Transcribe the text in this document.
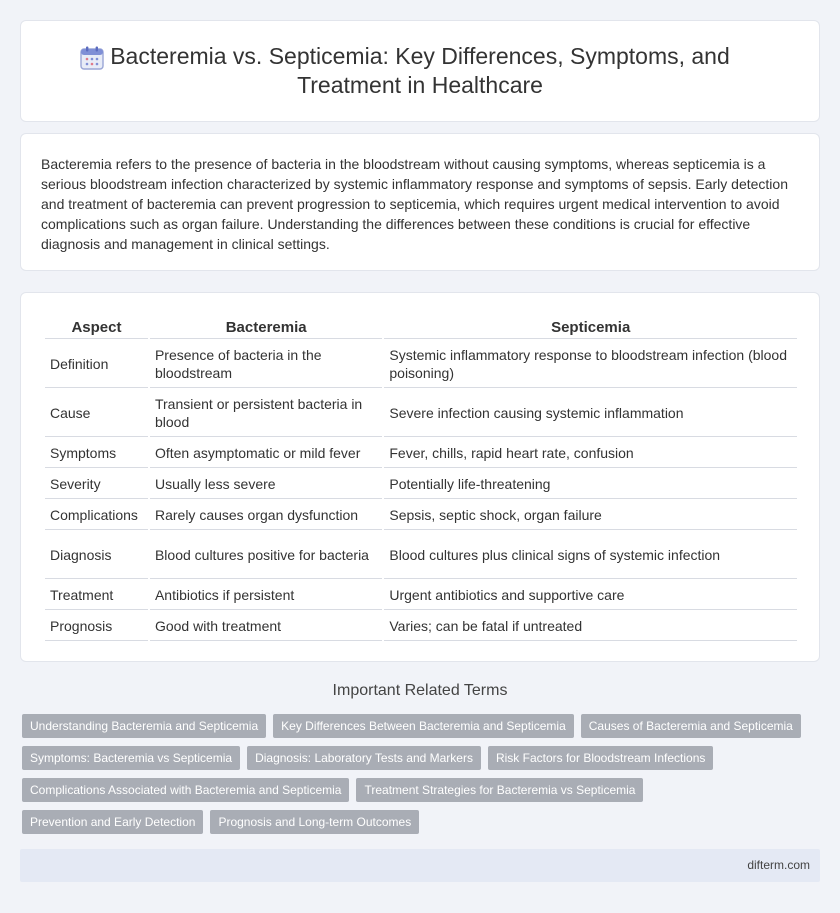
Bacteremia vs. Septicemia: Key Differences, Symptoms, and Treatment in Healthcare

Bacteremia refers to the presence of bacteria in the bloodstream without causing symptoms, whereas septicemia is a serious bloodstream infection characterized by systemic inflammatory response and symptoms of sepsis. Early detection and treatment of bacteremia can prevent progression to septicemia, which requires urgent medical intervention to avoid complications such as organ failure. Understanding the differences between these conditions is crucial for effective diagnosis and management in clinical settings.

Aspect	Bacteremia	Septicemia
Definition	Presence of bacteria in the bloodstream	Systemic inflammatory response to bloodstream infection (blood poisoning)
Cause	Transient or persistent bacteria in blood	Severe infection causing systemic inflammation
Symptoms	Often asymptomatic or mild fever	Fever, chills, rapid heart rate, confusion
Severity	Usually less severe	Potentially life-threatening
Complications	Rarely causes organ dysfunction	Sepsis, septic shock, organ failure
Diagnosis	Blood cultures positive for bacteria	Blood cultures plus clinical signs of systemic infection
Treatment	Antibiotics if persistent	Urgent antibiotics and supportive care
Prognosis	Good with treatment	Varies; can be fatal if untreated
Important Related Terms
Understanding Bacteremia and Septicemia	Key Differences Between Bacteremia and Septicemia	Causes of Bacteremia and Septicemia
Symptoms: Bacteremia vs Septicemia	Diagnosis: Laboratory Tests and Markers	Risk Factors for Bloodstream Infections
Complications Associated with Bacteremia and Septicemia	Treatment Strategies for Bacteremia vs Septicemia
Prevention and Early Detection	Prognosis and Long-term Outcomes
difterm.com
